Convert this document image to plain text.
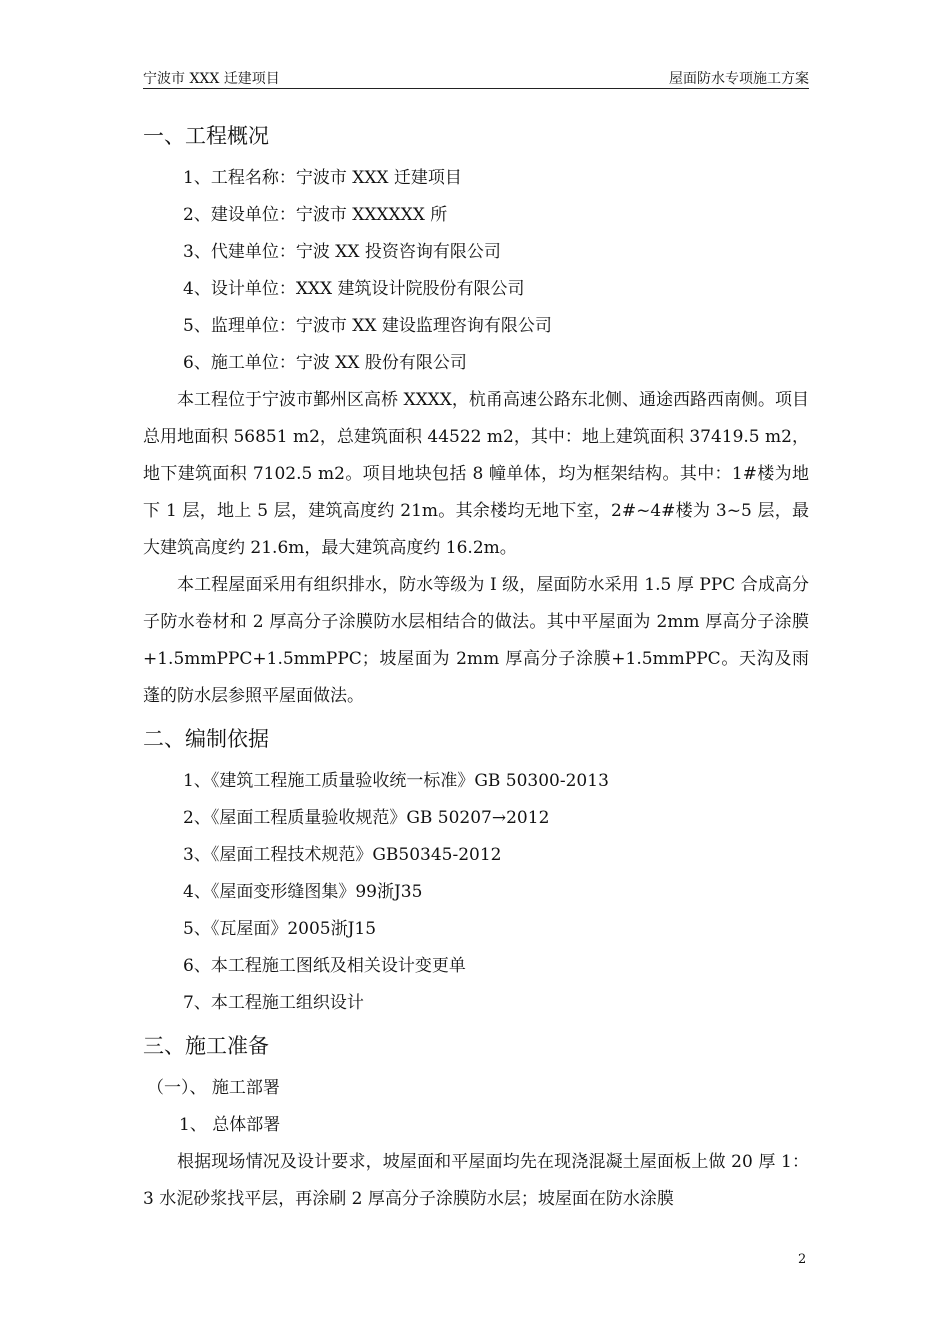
宁波市 XXX 迁建项目	屋面防水专项施工方案
一、工程概况
1、工程名称：宁波市 XXX 迁建项目
2、建设单位：宁波市 XXXXXX 所
3、代建单位：宁波 XX 投资咨询有限公司
4、设计单位：XXX 建筑设计院股份有限公司
5、监理单位：宁波市 XX 建设监理咨询有限公司
6、施工单位：宁波 XX 股份有限公司

本工程位于宁波市鄞州区高桥 XXXX，杭甬高速公路东北侧、通途西路西南侧。项目总用地面积 56851 m2，总建筑面积 44522 m2，其中：地上建筑面积 37419.5 m2，地下建筑面积 7102.5 m2。项目地块包括 8 幢单体，均为框架结构。其中：1#楼为地下 1 层，地上 5 层，建筑高度约 21m。其余楼均无地下室，2#~4#楼为 3~5 层，最大建筑高度约 21.6m，最大建筑高度约 16.2m。

本工程屋面采用有组织排水，防水等级为 I 级，屋面防水采用 1.5 厚 PPC 合成高分子防水卷材和 2 厚高分子涂膜防水层相结合的做法。其中平屋面为 2mm 厚高分子涂膜+1.5mmPPC+1.5mmPPC；坡屋面为 2mm 厚高分子涂膜+1.5mmPPC。天沟及雨蓬的防水层参照平屋面做法。

二、编制依据
1、《建筑工程施工质量验收统一标准》GB 50300-2013
2、《屋面工程质量验收规范》GB 50207→2012
3、《屋面工程技术规范》GB50345-2012
4、《屋面变形缝图集》99浙J35
5、《瓦屋面》2005浙J15
6、本工程施工图纸及相关设计变更单
7、本工程施工组织设计
三、施工准备
（一）、 施工部署
1、 总体部署

根据现场情况及设计要求，坡屋面和平屋面均先在现浇混凝土屋面板上做 20 厚 1：3 水泥砂浆找平层，再涂刷 2 厚高分子涂膜防水层；坡屋面在防水涂膜

2
